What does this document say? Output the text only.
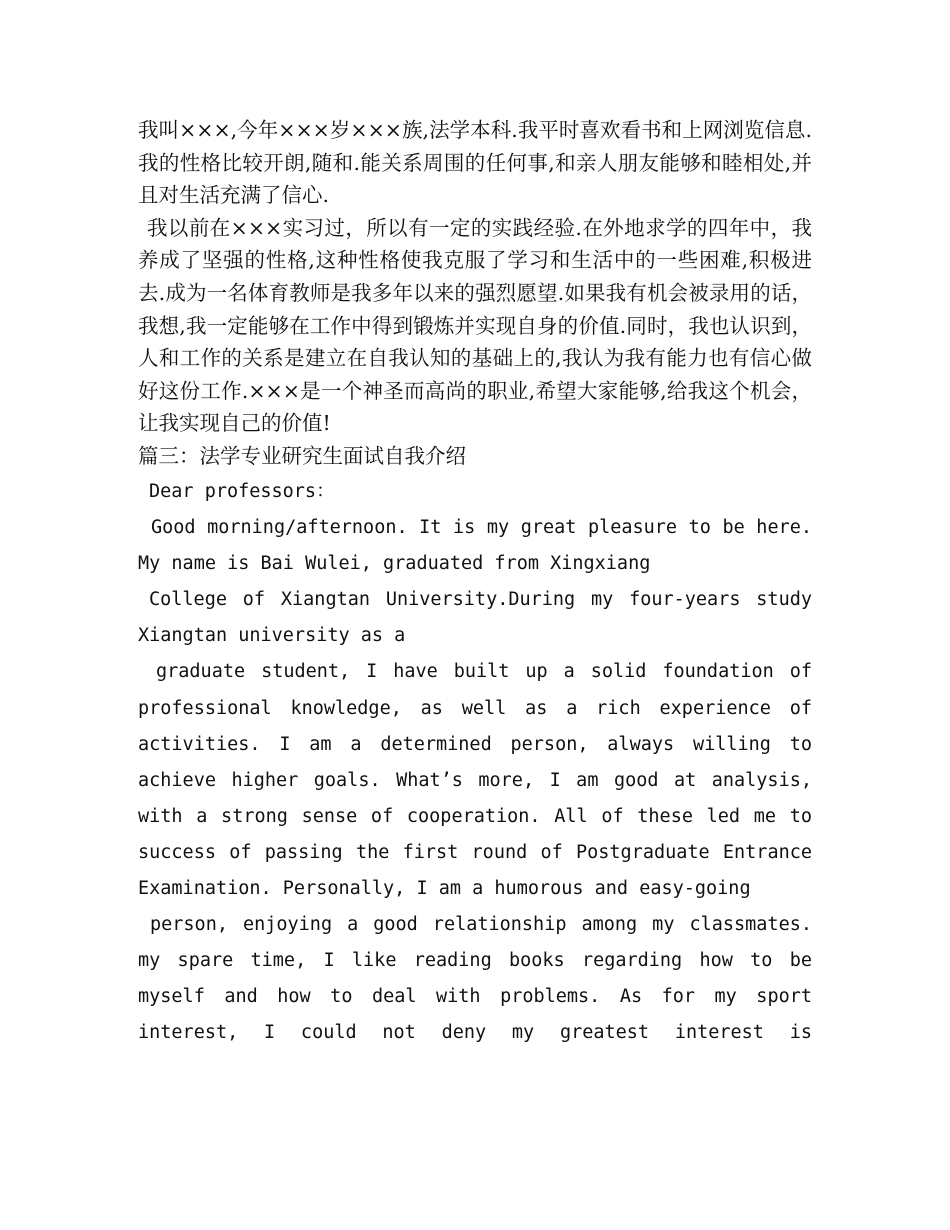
我叫×××,今年×××岁×××族,法学本科.我平时喜欢看书和上网浏览信息.我的性格比较开朗,随和.能关系周围的任何事,和亲人朋友能够和睦相处,并且对生活充满了信心.

我以前在×××实习过，所以有一定的实践经验.在外地求学的四年中，我养成了坚强的性格,这种性格使我克服了学习和生活中的一些困难,积极进去.成为一名体育教师是我多年以来的强烈愿望.如果我有机会被录用的话，我想,我一定能够在工作中得到锻炼并实现自身的价值.同时，我也认识到，人和工作的关系是建立在自我认知的基础上的,我认为我有能力也有信心做好这份工作.×××是一个神圣而高尚的职业,希望大家能够,给我这个机会，让我实现自己的价值!

篇三：法学专业研究生面试自我介绍

Dear professors：

Good morning/afternoon. It is my great pleasure to be here.

My name is Bai Wulei, graduated from Xingxiang

College of Xiangtan University.During my four-years study

Xiangtan university as a

graduate student, I have built up a solid foundation of

professional knowledge, as well as a rich experience of

activities. I am a determined person, always willing to

achieve higher goals. What’s more, I am good at analysis,

with a strong sense of cooperation. All of these led me to

success of passing the first round of Postgraduate Entrance

Examination. Personally, I am a humorous and easy-going

person, enjoying a good relationship among my classmates.

my spare time, I like reading books regarding how to be

myself and how to deal with problems. As for my sport

interest, I could not deny my greatest interest is
